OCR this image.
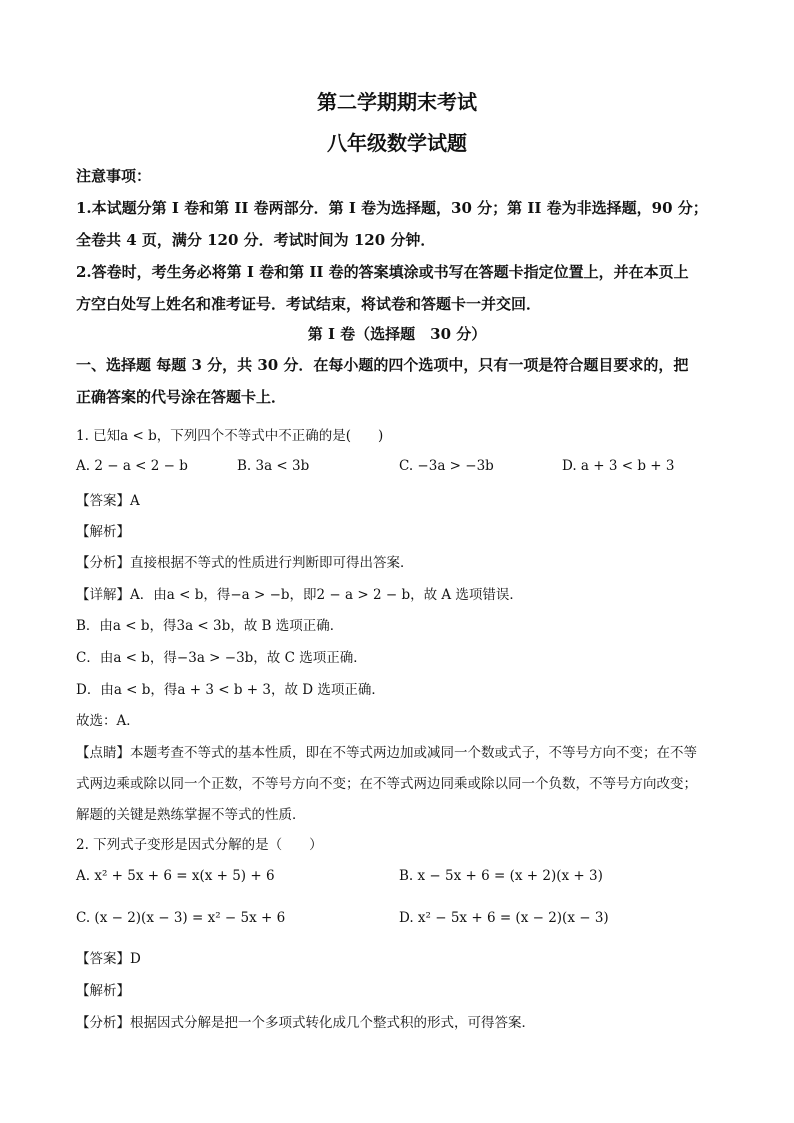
第二学期期末考试
八年级数学试题
注意事项：
1.本试题分第 I 卷和第 II 卷两部分．第 I 卷为选择题，30 分；第 II 卷为非选择题，90 分；
全卷共 4 页，满分 120 分．考试时间为 120 分钟．
2.答卷时，考生务必将第 I 卷和第 II 卷的答案填涂或书写在答题卡指定位置上，并在本页上
方空白处写上姓名和准考证号．考试结束，将试卷和答题卡一并交回．
第 I 卷（选择题　30 分）
一、选择题 每题 3 分，共 30 分．在每小题的四个选项中，只有一项是符合题目要求的，把
正确答案的代号涂在答题卡上．
1. 已知a < b，下列四个不等式中不正确的是(　　)
A. 2 − a < 2 − b	B. 3a < 3b	C. −3a > −3b	D. a + 3 < b + 3
【答案】A
【解析】
【分析】直接根据不等式的性质进行判断即可得出答案．
【详解】A．由a < b，得−a > −b，即2 − a > 2 − b，故 A 选项错误．
B．由a < b，得3a < 3b，故 B 选项正确．
C．由a < b，得−3a > −3b，故 C 选项正确．
D．由a < b，得a + 3 < b + 3，故 D 选项正确．
故选：A．
【点睛】本题考查不等式的基本性质，即在不等式两边加或减同一个数或式子，不等号方向不变；在不等
式两边乘或除以同一个正数，不等号方向不变；在不等式两边同乘或除以同一个负数，不等号方向改变；
解题的关键是熟练掌握不等式的性质．
2. 下列式子变形是因式分解的是（　　）
A. x² + 5x + 6 = x(x + 5) + 6	B. x − 5x + 6 = (x + 2)(x + 3)
C. (x − 2)(x − 3) = x² − 5x + 6	D. x² − 5x + 6 = (x − 2)(x − 3)
【答案】D
【解析】
【分析】根据因式分解是把一个多项式转化成几个整式积的形式，可得答案．
